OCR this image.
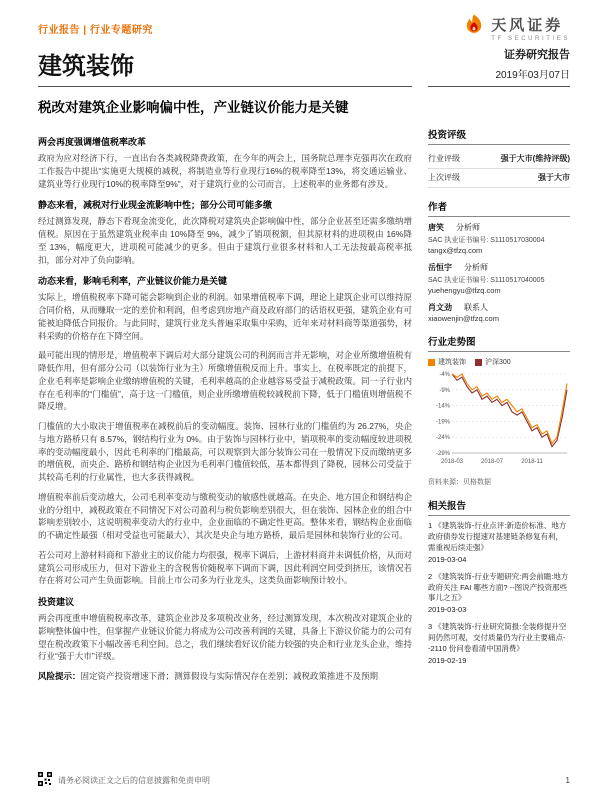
行业报告 | 行业专题研究	天风证券
TF SECURITIES
建筑装饰	证券研究报告
2019年03月07日
税改对建筑企业影响偏中性，产业链议价能力是关键
两会再度强调增值税率改革

政府为应对经济下行，一直出台各类减税降费政策，在今年的两会上，国务院总理李克强再次在政府工作报告中提出“实施更大规模的减税，将制造业等行业现行16%的税率降至13%，将交通运输业、建筑业等行业现行10%的税率降至9%”，对于建筑行业的公司而言，上述税率的业务都有涉及。

静态来看，减税对行业现金流影响中性；部分公司可能多缴

经过测算发现，静态下看现金流变化，此次降税对建筑央企影响偏中性，部分企业甚至还需多缴纳增值税。原因在于虽然建筑业税率由 10%降至 9%，减少了销项税额，但其原材料的进项税由 16%降至 13%，幅度更大，进项税可能减少的更多。但由于建筑行业很多材料和人工无法按最高税率抵扣，部分对冲了负向影响。

动态来看，影响毛利率，产业链议价能力是关键

实际上，增值税税率下降可能会影响到企业的利润。如果增值税率下调，理论上建筑企业可以维持原合同价格，从而赚取一定的差价和利润，但考虑到房地产商及政府部门的话语权更强，建筑企业有可能被迫降低合同报价。与此同时，建筑行业龙头普遍采取集中采购，近年来对材料商等渠道强势，材料采购的价格存在下降空间。

最可能出现的情形是，增值税率下调后对大部分建筑公司的利润而言并无影响，对企业所缴增值税有降低作用，但有部分公司（以装饰行业为主）所缴增值税反而上升。事实上，在税率既定的前提下，企业毛利率是影响企业缴纳增值税的关键，毛利率越高的企业越容易受益于减税政策。同一子行业内存在毛利率的“门槛值”，高于这一门槛值，则企业所缴增值税较减税前下降，低于门槛值则增值税不降反增。

门槛值的大小取决于增值税率在减税前后的变动幅度。装饰、园林行业的门槛值约为 26.27%，央企与地方路桥只有 8.57%，钢结构行业为 0%。由于装饰与园林行业中，销项税率的变动幅度较进项税率的变动幅度最小，因此毛利率的门槛最高，可以观察到大部分装饰公司在一般情况下反而缴纳更多的增值税，而央企、路桥和钢结构企业因为毛利率门槛值较低，基本都得到了降税，园林公司受益于其较高毛利的行业属性，也大多获得减税。

增值税率前后变动越大，公司毛利率变动与缴税变动的敏感性就越高。在央企、地方国企和钢结构企业的分组中，减税政策在不同情况下对公司盈利与税负影响差别很大，但在装饰、园林企业的组合中影响差别较小，这说明税率变动大的行业中，企业面临的不确定性更高。整体来看，钢结构企业面临的不确定性最强（相对受益也可能最大），其次是央企与地方路桥，最后是园林和装饰行业的公司。

若公司对上游材料商和下游业主的议价能力均很强，税率下调后，上游材料商并未调低价格，从而对建筑公司形成压力，但对下游业主的含税售价随税率下调而下调，因此利润空间受到挤压，该情况若存在将对公司产生负面影响。目前上市公司多为行业龙头，这类负面影响预计较小。

投资建议

两会再度重申增值税税率改革，建筑企业涉及多项税改业务，经过测算发现，本次税改对建筑企业的影响整体偏中性，但掌握产业链议价能力将成为公司改善利润的关键，具备上下游议价能力的公司有望在税改政策下小幅改善毛利空间。总之，我们继续看好议价能力较强的央企和行业龙头企业，维持行业“强于大市”评级。

风险提示：固定资产投资增速下滑；测算假设与实际情况存在差别；减税政策推进不及预期

投资评级
行业评级	强于大市(维持评级)
上次评级	强于大市
作者
唐笑 分析师
SAC 执业证书编号: S1110517030004
tangx@tfzq.com
岳恒宇 分析师
SAC 执业证书编号: S1110517040005
yuehengyu@tfzq.com
肖文劲 联系人
xiaowenjin@tfzq.com
行业走势图
建筑装饰	沪深300
-4%
-9%
-14%
-19%
-24%
-29%
2018-03	2018-07	2018-11
资料来源：贝格数据
相关报告
1 《建筑装饰-行业点评:新造价标准、地方政府债券发行提速对基建链条修复有利，需重视后续走强》
2019-03-04
2 《建筑装饰-行业专题研究:两会前瞻:地方政府关注 FAI 哪些方面? --图说产投资那些事儿之五》
2019-03-03
3 《建筑装饰-行业研究简报:全装修提升空间仍然可观，交付质量仍为行业主要痛点--2110 份问卷看清中国消费》
2019-02-19
请务必阅读正文之后的信息披露和免责申明	1
